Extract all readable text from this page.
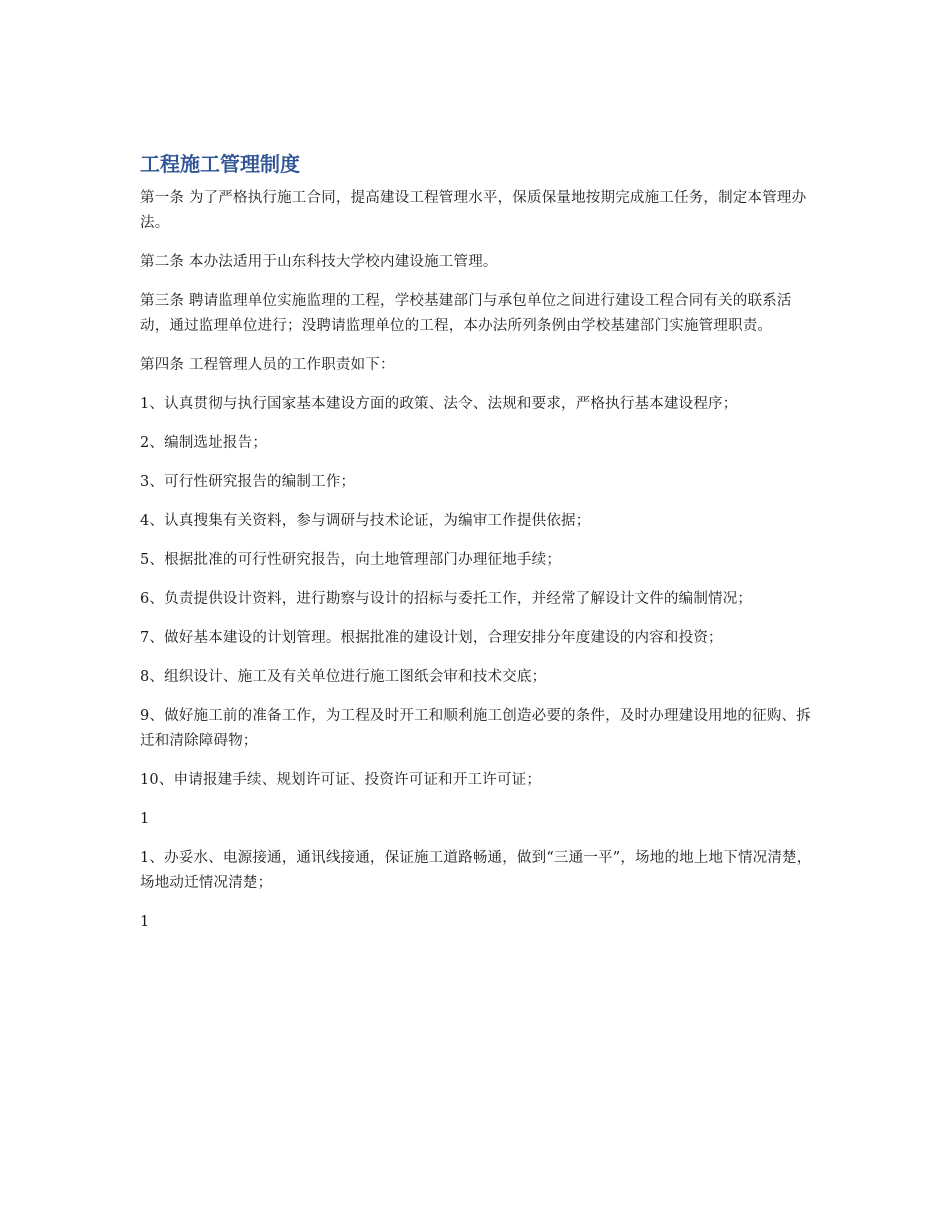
工程施工管理制度

第一条 为了严格执行施工合同，提高建设工程管理水平，保质保量地按期完成施工任务，制定本管理办法。

第二条 本办法适用于山东科技大学校内建设施工管理。

第三条 聘请监理单位实施监理的工程，学校基建部门与承包单位之间进行建设工程合同有关的联系活动，通过监理单位进行；没聘请监理单位的工程，本办法所列条例由学校基建部门实施管理职责。

第四条 工程管理人员的工作职责如下：

1、认真贯彻与执行国家基本建设方面的政策、法令、法规和要求，严格执行基本建设程序；

2、编制选址报告；

3、可行性研究报告的编制工作；

4、认真搜集有关资料，参与调研与技术论证，为编审工作提供依据；

5、根据批准的可行性研究报告，向土地管理部门办理征地手续；

6、负责提供设计资料，进行勘察与设计的招标与委托工作，并经常了解设计文件的编制情况；

7、做好基本建设的计划管理。根据批准的建设计划，合理安排分年度建设的内容和投资；

8、组织设计、施工及有关单位进行施工图纸会审和技术交底；

9、做好施工前的准备工作，为工程及时开工和顺利施工创造必要的条件，及时办理建设用地的征购、拆迁和清除障碍物；

10、申请报建手续、规划许可证、投资许可证和开工许可证；

1

1、办妥水、电源接通，通讯线接通，保证施工道路畅通，做到“三通一平”，场地的地上地下情况清楚，场地动迁情况清楚；

1
